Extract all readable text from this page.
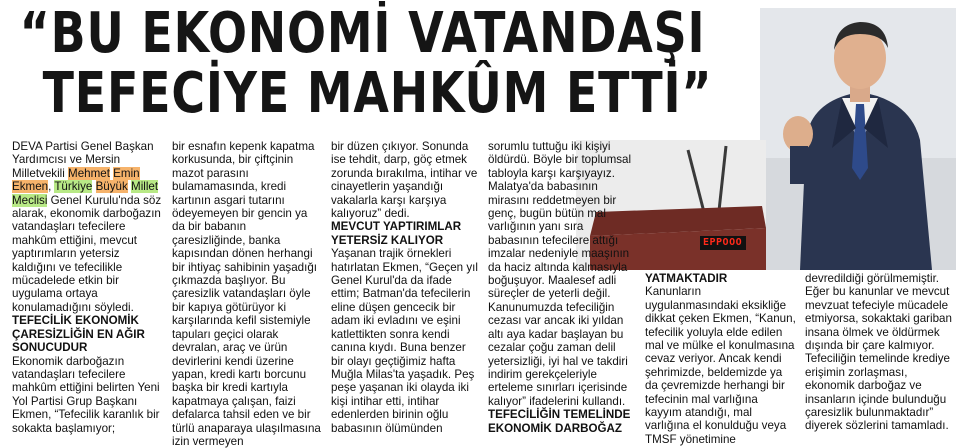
“BU EKONOMİ VATANDAŞI
TEFECİYE MAHKÛM ETTİ”
EPPOOO

DEVA Partisi Genel Başkan Yardımcısı ve Mersin Milletvekili Mehmet Emin Ekmen, Türkiye Büyük Millet Meclisi Genel Kurulu'nda söz alarak, ekonomik darboğazın vatandaşları tefecilere mahkûm ettiğini, mevcut yaptırımların yetersiz kaldığını ve tefecilikle mücadelede etkin bir uygulama ortaya konulamadığını söyledi.

TEFECİLİK EKONOMİK ÇARESİZLİĞİN EN AĞIR SONUCUDUR

Ekonomik darboğazın vatandaşları tefecilere mahkûm ettiğini belirten Yeni Yol Partisi Grup Başkanı Ekmen, “Tefecilik karanlık bir sokakta başlamıyor;

bir esnafın kepenk kapatma korkusunda, bir çiftçinin mazot parasını bulamamasında, kredi kartının asgari tutarını ödeyemeyen bir gencin ya da bir babanın çaresizliğinde, banka kapısından dönen herhangi bir ihtiyaç sahibinin yaşadığı çıkmazda başlıyor. Bu çaresizlik vatandaşları öyle bir kapıya götürüyor ki karşılarında kefil sistemiyle tapuları geçici olarak devralan, araç ve ürün devirlerini kendi üzerine yapan, kredi kartı borcunu başka bir kredi kartıyla kapatmaya çalışan, faizi defalarca tahsil eden ve bir türlü anaparaya ulaşılmasına izin vermeyen

bir düzen çıkıyor. Sonunda ise tehdit, darp, göç etmek zorunda bırakılma, intihar ve cinayetlerin yaşandığı vakalarla karşı karşıya kalıyoruz” dedi.

MEVCUT YAPTIRIMLAR YETERSİZ KALIYOR

Yaşanan trajik örnekleri hatırlatan Ekmen, “Geçen yıl Genel Kurul'da da ifade ettim; Batman'da tefecilerin eline düşen gencecik bir adam iki evladını ve eşini katlettikten sonra kendi canına kıydı. Buna benzer bir olayı geçtiğimiz hafta Muğla Milas'ta yaşadık. Peş peşe yaşanan iki olayda iki kişi intihar etti, intihar edenlerden birinin oğlu babasının ölümünden

sorumlu tuttuğu iki kişiyi öldürdü. Böyle bir toplumsal tabloyla karşı karşıyayız. Malatya'da babasının mirasını reddetmeyen bir genç, bugün bütün mal varlığının yanı sıra babasının tefecilere attığı imzalar nedeniyle maaşının da haciz altında kalmasıyla boğuşuyor. Maalesef adli süreçler de yeterli değil. Kanunumuzda tefeciliğin cezası var ancak iki yıldan altı aya kadar başlayan bu cezalar çoğu zaman delil yetersizliği, iyi hal ve takdiri indirim gerekçeleriyle erteleme sınırları içerisinde kalıyor” ifadelerini kullandı.

TEFECİLİĞİN TEMELİNDE EKONOMİK DARBOĞAZ

YATMAKTADIR

Kanunların uygulanmasındaki eksikliğe dikkat çeken Ekmen, “Kanun, tefecilik yoluyla elde edilen mal ve mülke el konulmasına cevaz veriyor. Ancak kendi şehrimizde, beldemizde ya da çevremizde herhangi bir tefecinin mal varlığına kayyım atandığı, mal varlığına el konulduğu veya TMSF yönetimine

devredildiği görülmemiştir. Eğer bu kanunlar ve mevcut mevzuat tefeciyle mücadele etmiyorsa, sokaktaki gariban insana ölmek ve öldürmek dışında bir çare kalmıyor. Tefeciliğin temelinde krediye erişimin zorlaşması, ekonomik darboğaz ve insanların içinde bulunduğu çaresizlik bulunmaktadır” diyerek sözlerini tamamladı.
